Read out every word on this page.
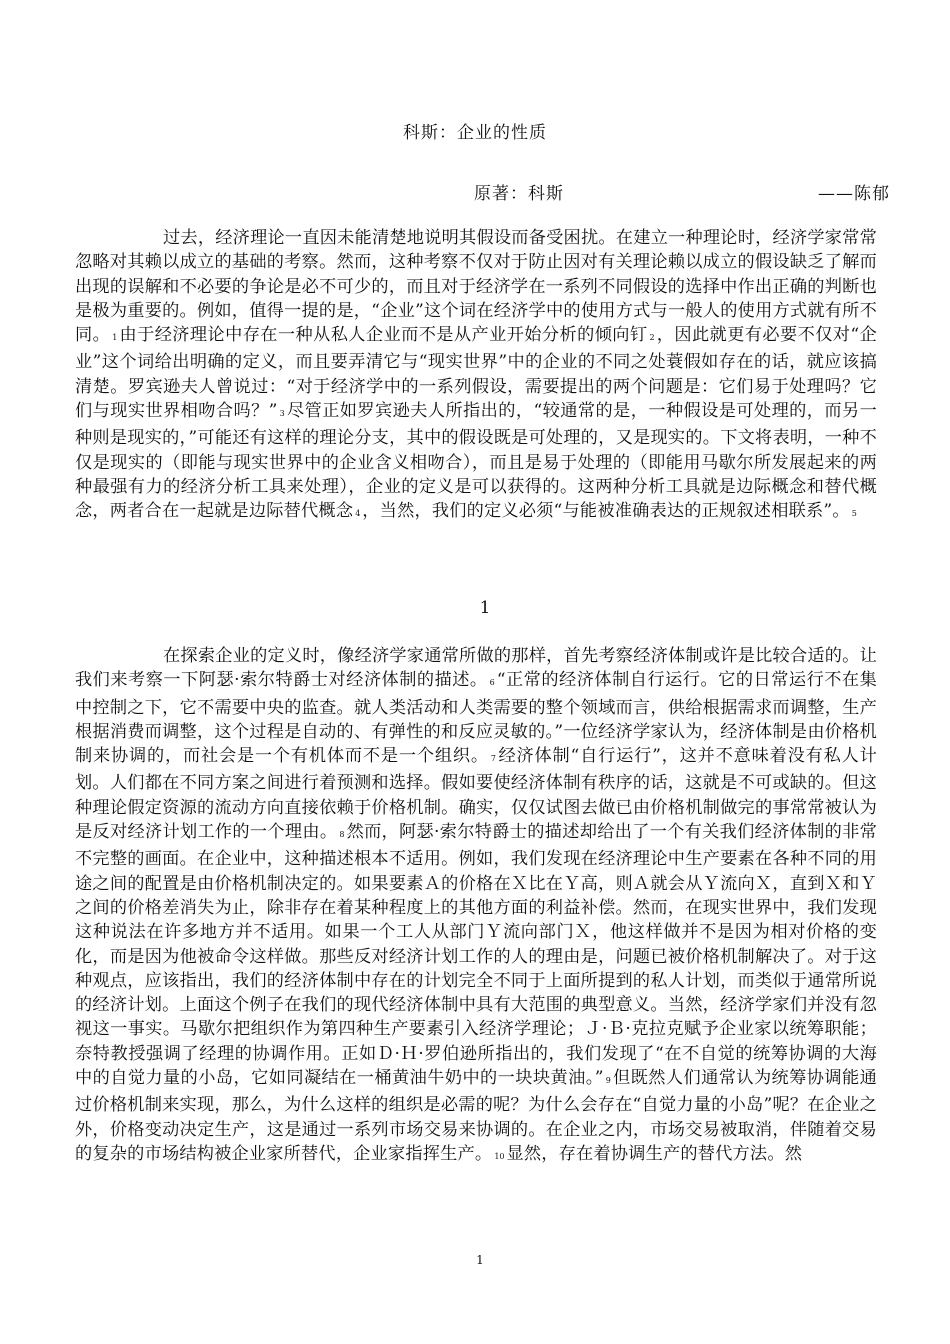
科斯：企业的性质
原著：科斯	——陈郁

过去，经济理论一直因未能清楚地说明其假设而备受困扰。在建立一种理论时，经济学家常常忽略对其赖以成立的基础的考察。然而，这种考察不仅对于防止因对有关理论赖以成立的假设缺乏了解而出现的误解和不必要的争论是必不可少的，而且对于经济学在一系列不同假设的选择中作出正确的判断也是极为重要的。例如，值得一提的是，“企业”这个词在经济学中的使用方式与一般人的使用方式就有所不同。 1 由于经济理论中存在一种从私人企业而不是从产业开始分析的倾向钉 2 ，因此就更有必要不仅对“企业”这个词给出明确的定义，而且要弄清它与“现实世界”中的企业的不同之处蓑假如存在的话，就应该搞清楚。罗宾逊夫人曾说过：“对于经济学中的一系列假设，需要提出的两个问题是：它们易于处理吗？它们与现实世界相吻合吗？” 3 尽管正如罗宾逊夫人所指出的，“较通常的是，一种假设是可处理的，而另一种则是现实的，”可能还有这样的理论分支，其中的假设既是可处理的，又是现实的。下文将表明，一种不仅是现实的（即能与现实世界中的企业含义相吻合），而且是易于处理的（即能用马歇尔所发展起来的两种最强有力的经济分析工具来处理），企业的定义是可以获得的。这两种分析工具就是边际概念和替代概念，两者合在一起就是边际替代概念 4 ，当然，我们的定义必须“与能被准确表达的正规叙述相联系”。 5

1

在探索企业的定义时，像经济学家通常所做的那样，首先考察经济体制或许是比较合适的。让我们来考察一下阿瑟·索尔特爵士对经济体制的描述。 6 “正常的经济体制自行运行。它的日常运行不在集中控制之下，它不需要中央的监查。就人类活动和人类需要的整个领域而言，供给根据需求而调整，生产根据消费而调整，这个过程是自动的、有弹性的和反应灵敏的。”一位经济学家认为，经济体制是由价格机制来协调的，而社会是一个有机体而不是一个组织。 7 经济体制“自行运行”，这并不意味着没有私人计划。人们都在不同方案之间进行着预测和选择。假如要使经济体制有秩序的话，这就是不可或缺的。但这种理论假定资源的流动方向直接依赖于价格机制。确实，仅仅试图去做已由价格机制做完的事常常被认为是反对经济计划工作的一个理由。 8 然而，阿瑟·索尔特爵士的描述却给出了一个有关我们经济体制的非常不完整的画面。在企业中，这种描述根本不适用。例如，我们发现在经济理论中生产要素在各种不同的用途之间的配置是由价格机制决定的。如果要素Ａ的价格在Ｘ比在Ｙ高，则Ａ就会从Ｙ流向Ｘ，直到Ｘ和Ｙ之间的价格差消失为止，除非存在着某种程度上的其他方面的利益补偿。然而，在现实世界中，我们发现这种说法在许多地方并不适用。如果一个工人从部门Ｙ流向部门Ｘ，他这样做并不是因为相对价格的变化，而是因为他被命令这样做。那些反对经济计划工作的人的理由是，问题已被价格机制解决了。对于这种观点，应该指出，我们的经济体制中存在的计划完全不同于上面所提到的私人计划，而类似于通常所说的经济计划。上面这个例子在我们的现代经济体制中具有大范围的典型意义。当然，经济学家们并没有忽视这一事实。马歇尔把组织作为第四种生产要素引入经济学理论；Ｊ·Ｂ·克拉克赋予企业家以统筹职能；奈特教授强调了经理的协调作用。正如Ｄ·Ｈ·罗伯逊所指出的，我们发现了“在不自觉的统筹协调的大海中的自觉力量的小岛，它如同凝结在一桶黄油牛奶中的一块块黄油。” 9 但既然人们通常认为统筹协调能通过价格机制来实现，那么，为什么这样的组织是必需的呢？为什么会存在“自觉力量的小岛”呢？在企业之外，价格变动决定生产，这是通过一系列市场交易来协调的。在企业之内，市场交易被取消，伴随着交易的复杂的市场结构被企业家所替代，企业家指挥生产。 10 显然，存在着协调生产的替代方法。然

1
